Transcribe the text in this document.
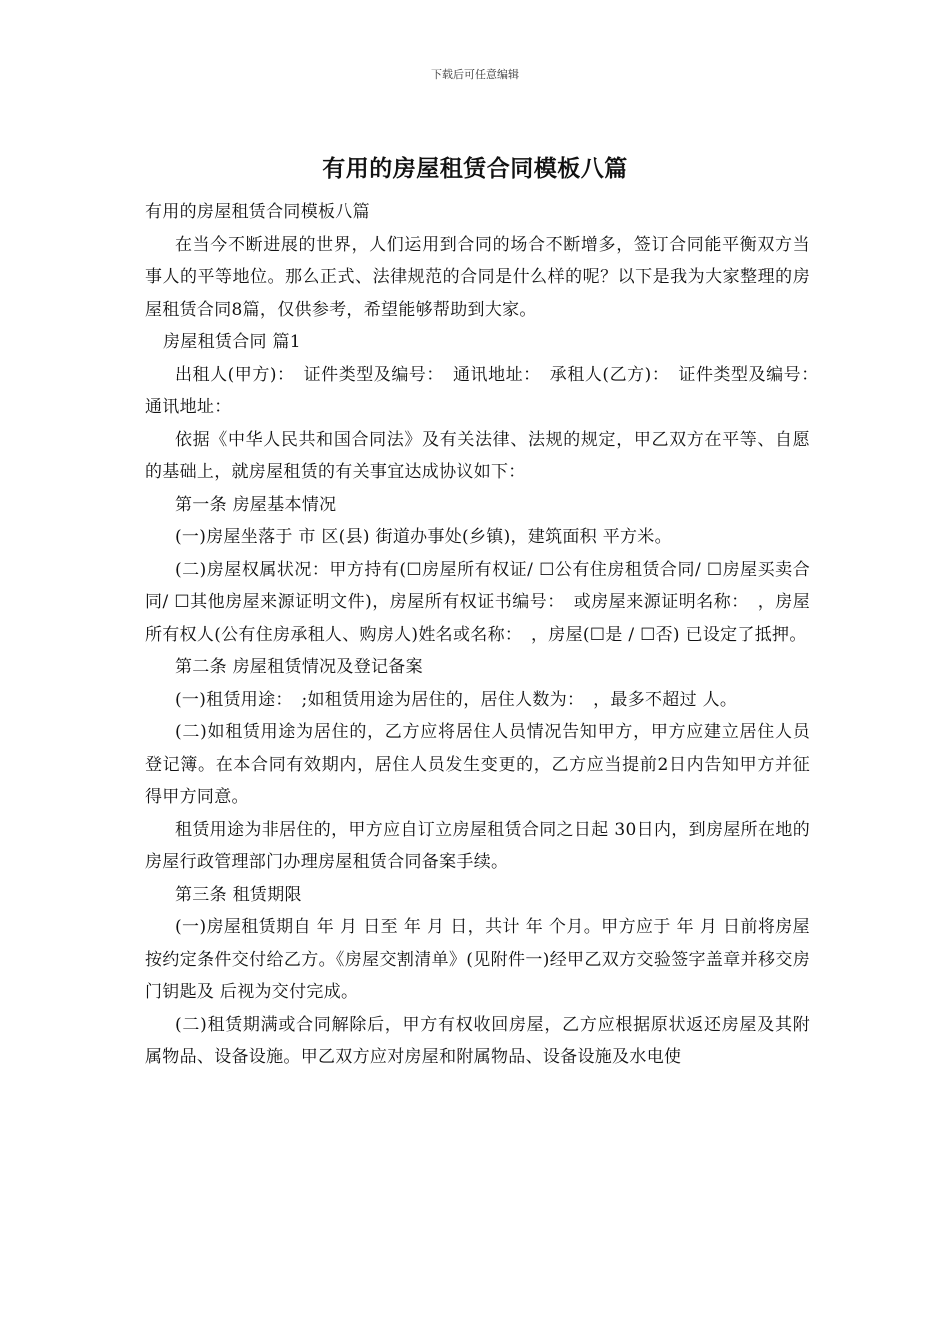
下载后可任意编辑
有用的房屋租赁合同模板八篇

有用的房屋租赁合同模板八篇

在当今不断进展的世界，人们运用到合同的场合不断增多，签订合同能平衡双方当事人的平等地位。那么正式、法律规范的合同是什么样的呢？以下是我为大家整理的房屋租赁合同8篇，仅供参考，希望能够帮助到大家。

房屋租赁合同 篇1

出租人(甲方)：　证件类型及编号：　通讯地址：　承租人(乙方)：　证件类型及编号：　通讯地址：

依据《中华人民共和国合同法》及有关法律、法规的规定，甲乙双方在平等、自愿的基础上，就房屋租赁的有关事宜达成协议如下：

第一条 房屋基本情况

(一)房屋坐落于 市 区(县) 街道办事处(乡镇)，建筑面积 平方米。

(二)房屋权属状况：甲方持有(☐房屋所有权证/ ☐公有住房租赁合同/ ☐房屋买卖合同/ ☐其他房屋来源证明文件)，房屋所有权证书编号：　或房屋来源证明名称：　，房屋所有权人(公有住房承租人、购房人)姓名或名称：　，房屋(☐是 / ☐否) 已设定了抵押。

第二条 房屋租赁情况及登记备案

(一)租赁用途：　;如租赁用途为居住的，居住人数为：　，最多不超过 人。

(二)如租赁用途为居住的，乙方应将居住人员情况告知甲方，甲方应建立居住人员登记簿。在本合同有效期内，居住人员发生变更的，乙方应当提前2日内告知甲方并征得甲方同意。

租赁用途为非居住的，甲方应自订立房屋租赁合同之日起 30日内，到房屋所在地的房屋行政管理部门办理房屋租赁合同备案手续。

第三条 租赁期限

(一)房屋租赁期自 年 月 日至 年 月 日，共计 年 个月。甲方应于 年 月 日前将房屋按约定条件交付给乙方。《房屋交割清单》(见附件一)经甲乙双方交验签字盖章并移交房门钥匙及 后视为交付完成。

(二)租赁期满或合同解除后，甲方有权收回房屋，乙方应根据原状返还房屋及其附属物品、设备设施。甲乙双方应对房屋和附属物品、设备设施及水电使
